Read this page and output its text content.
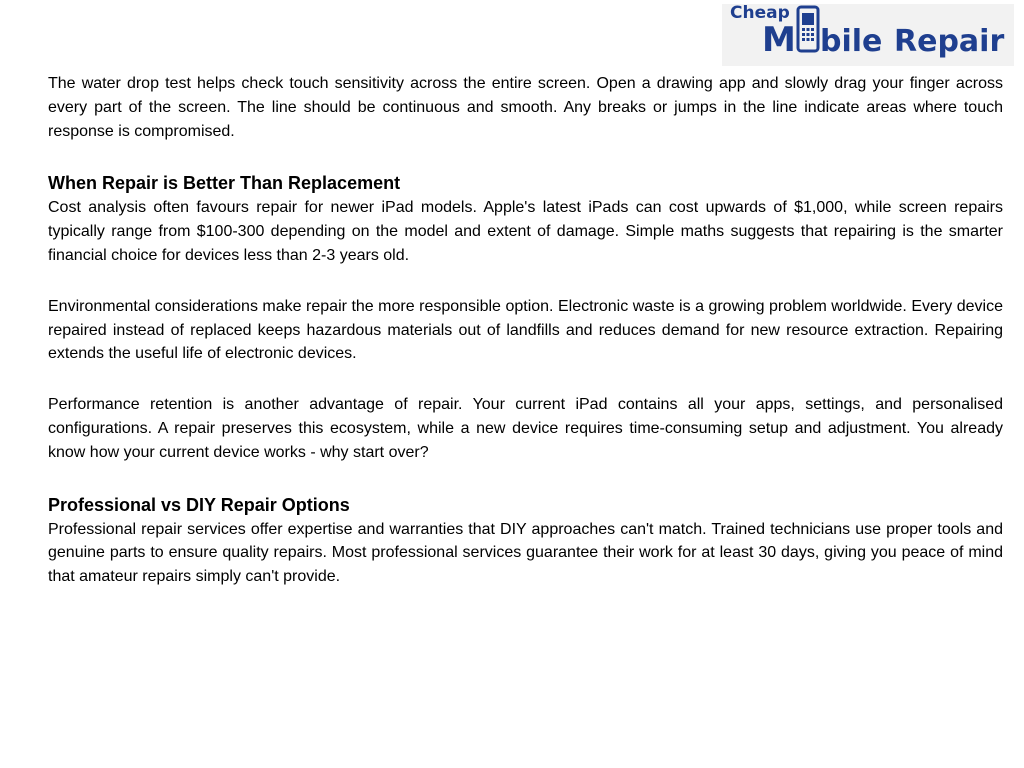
Cheap
M bile Repair

The water drop test helps check touch sensitivity across the entire screen. Open a drawing app and slowly drag your finger across every part of the screen. The line should be continuous and smooth. Any breaks or jumps in the line indicate areas where touch response is compromised.

When Repair is Better Than Replacement

Cost analysis often favours repair for newer iPad models. Apple's latest iPads can cost upwards of $1,000, while screen repairs typically range from $100-300 depending on the model and extent of damage. Simple maths suggests that repairing is the smarter financial choice for devices less than 2-3 years old.

Environmental considerations make repair the more responsible option. Electronic waste is a growing problem worldwide. Every device repaired instead of replaced keeps hazardous materials out of landfills and reduces demand for new resource extraction. Repairing extends the useful life of electronic devices.

Performance retention is another advantage of repair. Your current iPad contains all your apps, settings, and personalised configurations. A repair preserves this ecosystem, while a new device requires time-consuming setup and adjustment. You already know how your current device works - why start over?

Professional vs DIY Repair Options

Professional repair services offer expertise and warranties that DIY approaches can't match. Trained technicians use proper tools and genuine parts to ensure quality repairs. Most professional services guarantee their work for at least 30 days, giving you peace of mind that amateur repairs simply can't provide.
